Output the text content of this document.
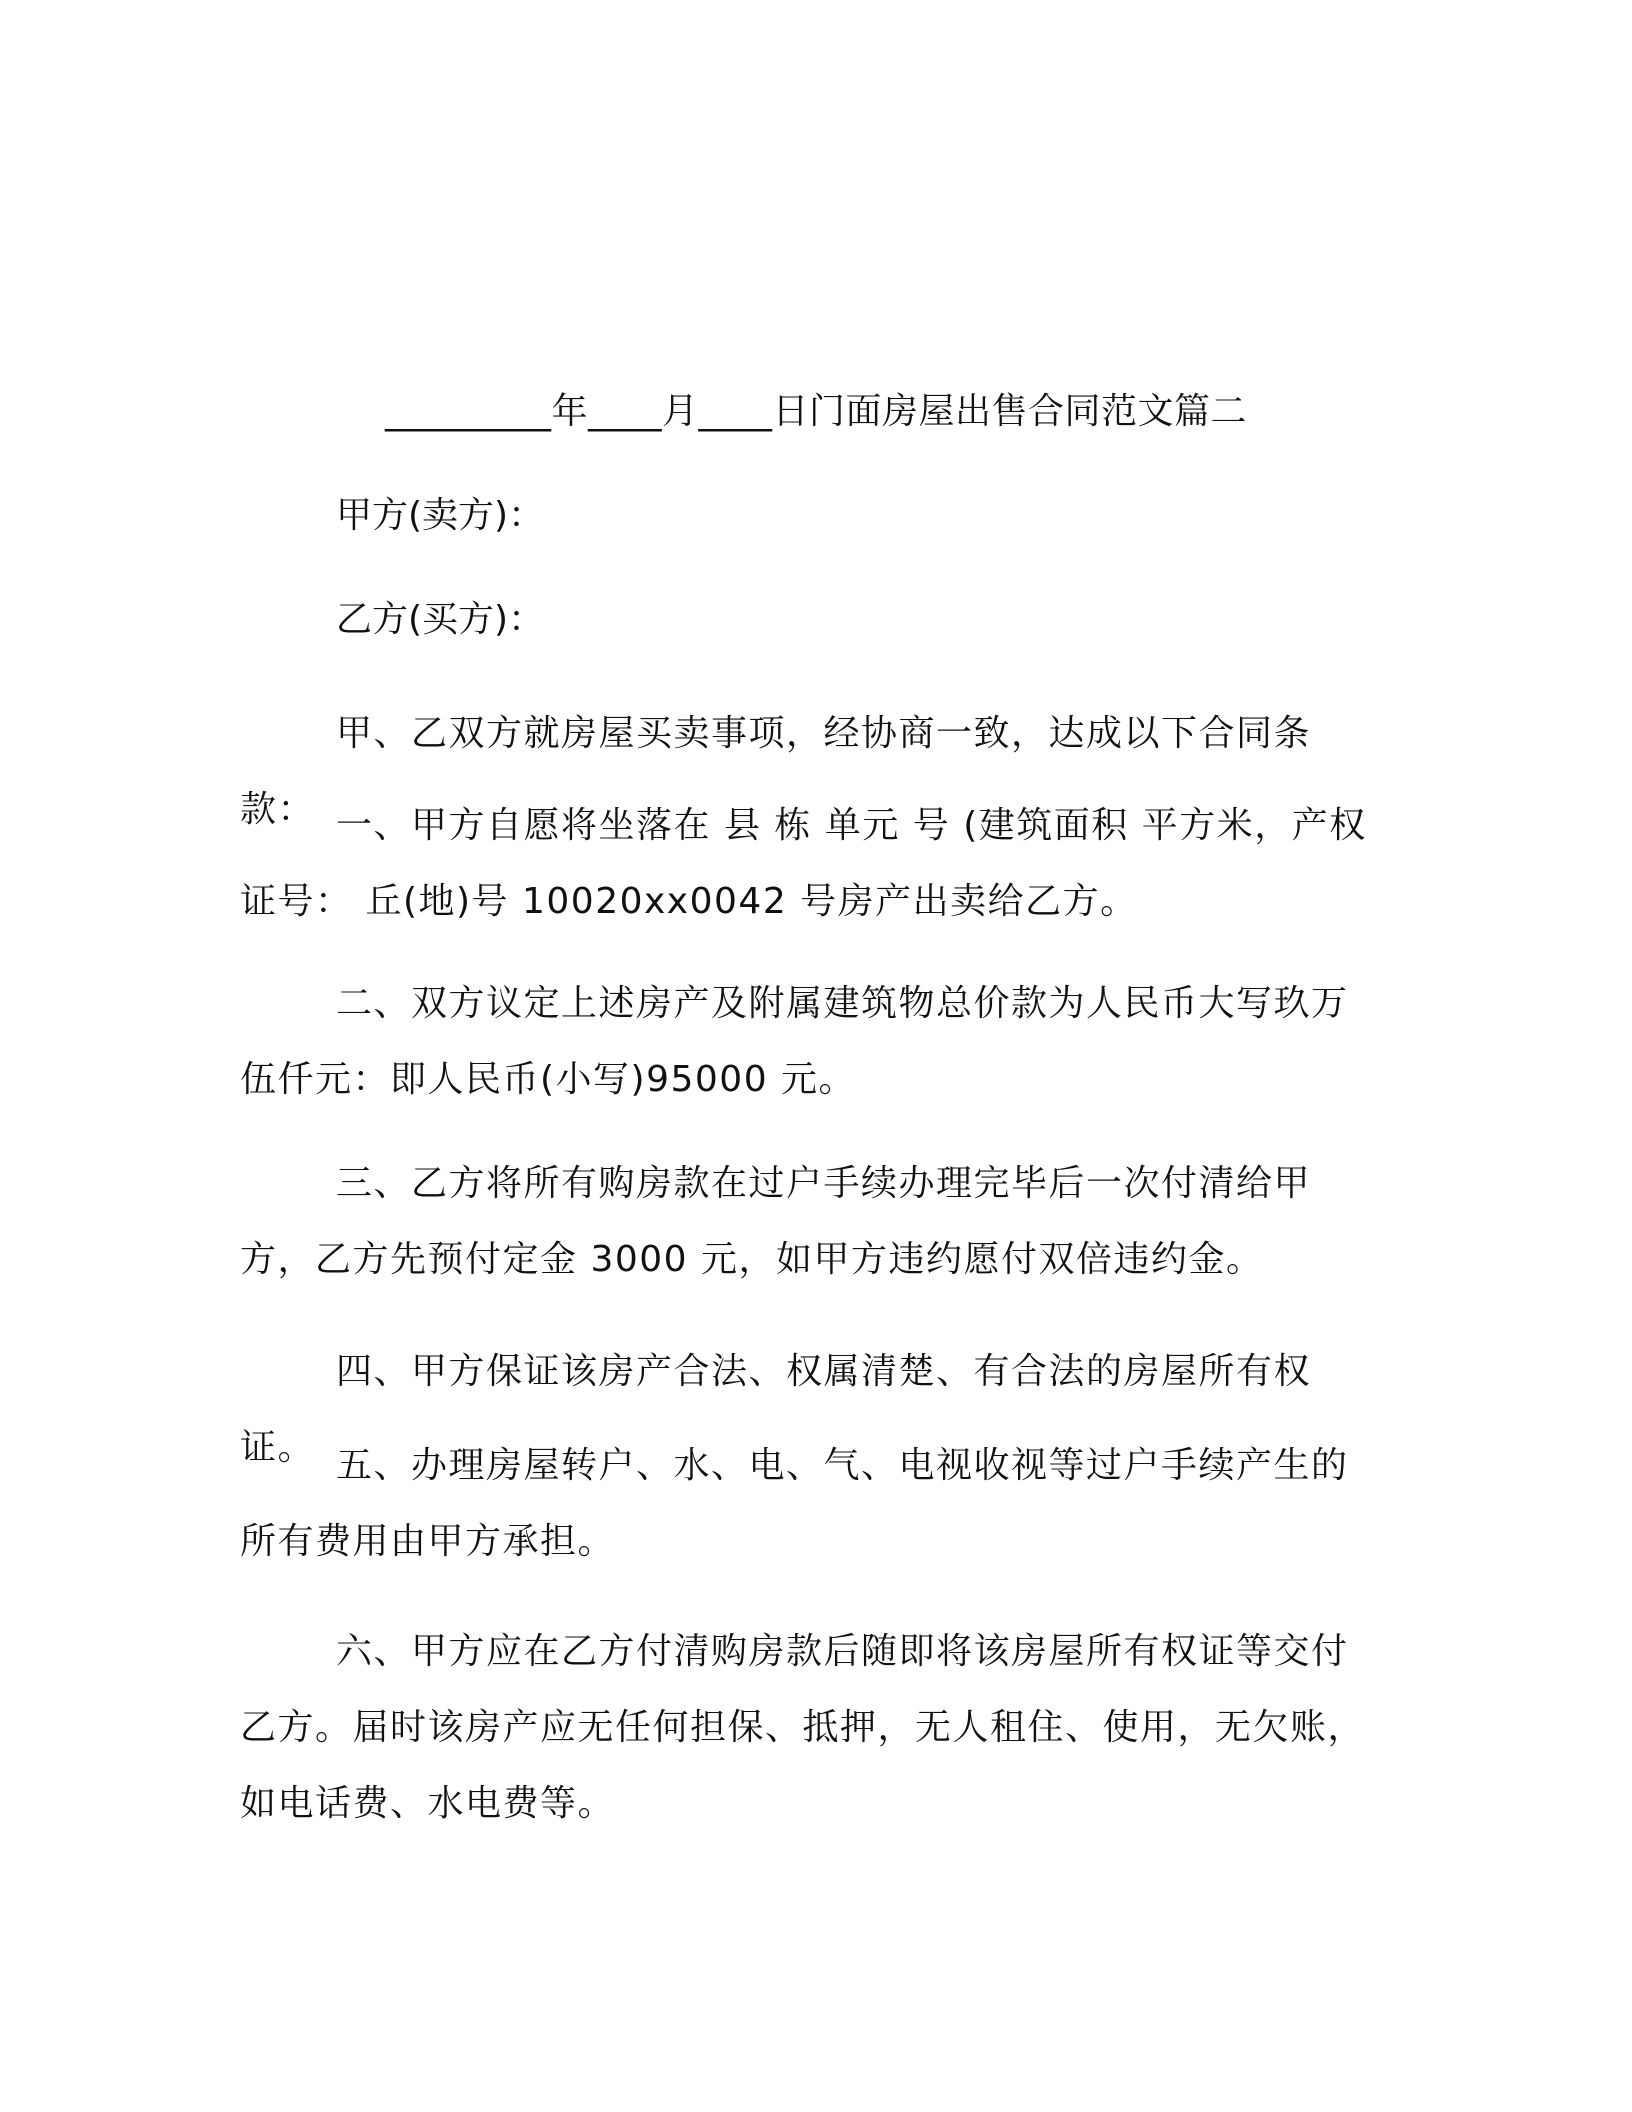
_________年____月____日门面房屋出售合同范文篇二

甲方(卖方)：

乙方(买方)：

甲、乙双方就房屋买卖事项，经协商一致，达成以下合同条款： 一、甲方自愿将坐落在 县 栋 单元 号 (建筑面积 平方米，产权证号： 丘(地)号 10020xx0042 号房产出卖给乙方。

二、双方议定上述房产及附属建筑物总价款为人民币大写玖万伍仟元：即人民币(小写)95000 元。

三、乙方将所有购房款在过户手续办理完毕后一次付清给甲方，乙方先预付定金 3000 元，如甲方违约愿付双倍违约金。

四、甲方保证该房产合法、权属清楚、有合法的房屋所有权证。 五、办理房屋转户、水、电、气、电视收视等过户手续产生的所有费用由甲方承担。

六、甲方应在乙方付清购房款后随即将该房屋所有权证等交付乙方。届时该房产应无任何担保、抵押，无人租住、使用，无欠账，如电话费、水电费等。
